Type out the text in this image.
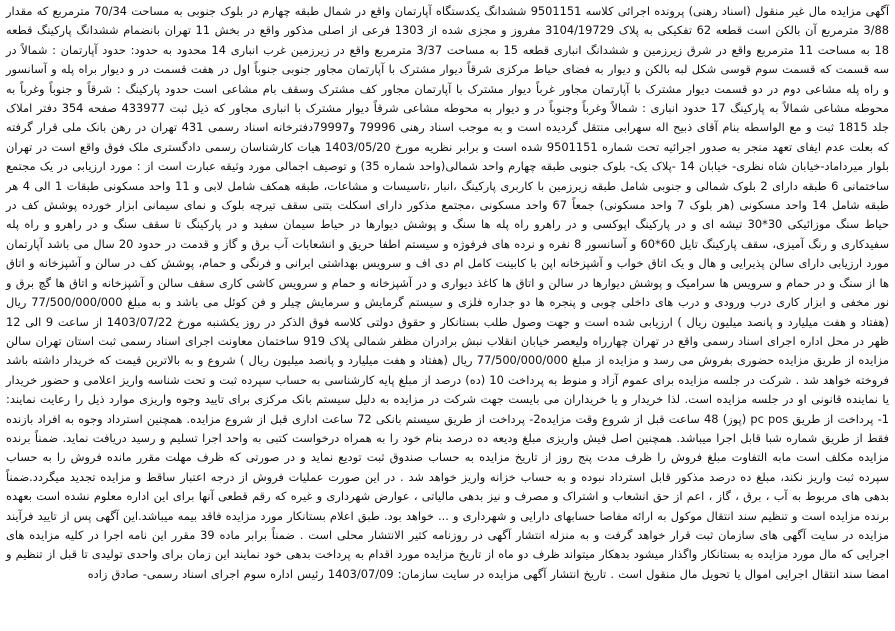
آگهی مزایده مال غیر منقول (اسناد رهنی) پرونده اجرائی کلاسه 9501151 ششدانگ یکدستگاه آپارتمان واقع در شمال طبقه چهارم در بلوک جنوبی به مساحت 70/34 مترمربع که مقدار 3/88 مترمربع آن بالکن است قطعه 62 تفکیکی به پلاک 3104/19729 مفروز و مجزی شده از 1303 فرعی از اصلی مذکور واقع در بخش 11 تهران بانضمام ششدانگ پارکینگ قطعه 18 به مساحت 11 مترمربع واقع در شرق زیرزمین و ششدانگ انباری قطعه 15 به مساحت 3/37 مترمربع واقع در زیرزمین غرب انباری 14 محدود به حدود: حدود آپارتمان : شمالاً در سه قسمت که قسمت سوم قوسی شکل لبه بالکن و دیوار به فضای حیاط مرکزی شرقاً دیوار مشترک با آپارتمان مجاور جنوبی جنوباً اول در هفت قسمت در و دیوار براه پله و آسانسور و راه پله مشاعی دوم در دو قسمت دیوار مشترک با آپارتمان مجاور غرباً دیوار مشترک با آپارتمان مجاور کف مشترک وسقف بام مشاعی است حدود پارکینگ : شرقاً و جنوباً وغرباً به محوطه مشاعی شمالاً به پارکینگ 17 حدود انباری : شمالاً وغرباً وجنوباً در و دیوار به محوطه مشاعی شرقاً دیوار مشترک با انباری مجاور که ذیل ثبت 433977 صفحه 354 دفتر املاک جلد 1815 ثبت و مع الواسطه بنام آقای ذبیح اله سهرابی منتقل گردیده است و به موجب اسناد رهنی 79996 و79997دفترخانه اسناد رسمی 431 تهران در رهن بانک ملی قرار گرفته که بعلت عدم ایفای تعهد منجر به صدور اجرائیه تحت شماره 9501151 شده است و برابر نظریه مورخ 1403/05/20 هیات کارشناسان رسمی دادگستری ملک فوق واقع است در تهران بلوار میرداماد-خیابان شاه نظری- خیابان 14 -پلاک یک- بلوک جنوبی طبقه چهارم واحد شمالی(واحد شماره 35) و توصیف اجمالی مورد وثیقه عبارت است از : مورد ارزیابی در یک مجتمع ساختمانی 6 طبقه دارای 2 بلوک شمالی و جنوبی شامل طبقه زیرزمین با کاربری پارکینگ ،انبار ،تاسیسات و مشاعات، طبقه همکف شامل لابی و 11 واحد مسکونی طبقات 1 الی 4 هر طبقه شامل 14 واحد مسکونی (هر بلوک 7 واحد مسکونی) جمعاً 67 واحد مسکونی ،مجتمع مذکور دارای اسکلت بتنی سقف تیرچه بلوک و نمای سیمانی ابزار خورده پوشش کف در حیاط سنگ موزائیکی 30*30 تیشه ای و در پارکینگ اپوکسی و در راهرو راه پله ها سنگ و پوشش دیوارها در حیاط سیمان سفید و در پارکینگ تا سقف سنگ و در راهرو و راه پله سفیدکاری و رنگ آمیزی، سقف پارکینگ تایل 60*60 و آسانسور 8 نفره و نرده های فرفوژه و سیستم اطفا حریق و انشعابات آب برق و گاز و قدمت در حدود 20 سال می باشد آپارتمان مورد ارزیابی دارای سالن پذیرایی و هال و یک اتاق خواب و آشپزخانه اپن با کابینت کامل ام دی اف و سرویس بهداشتی ایرانی و فرنگی و حمام، پوشش کف در سالن و آشپزخانه و اتاق ها از سنگ و در حمام و سرویس ها سرامیک و پوشش دیوارها در سالن و اتاق ها کاغذ دیواری و در آشپزخانه و حمام و سرویس کاشی کاری سقف سالن و آشپزخانه و اتاق ها گچ برق و نور مخفی و ابزار کاری درب ورودی و درب های داخلی چوبی و پنجره ها دو جداره فلزی و سیستم گرمایش و سرمایش چیلر و فن کوئل می باشد و به مبلغ 77/500/000/000 ریال (هفتاد و هفت میلیارد و پانصد میلیون ریال ) ارزیابی شده است و جهت وصول طلب بستانکار و حقوق دولتی کلاسه فوق الذکر در روز یکشنبه مورخ 1403/07/22 از ساعت 9 الی 12 ظهر در محل اداره اجرای اسناد رسمی واقع در تهران چهارراه ولیعصر خیابان انقلاب نبش برادران مظفر شمالی پلاک 919 ساختمان معاونت اجرای اسناد رسمی ثبت استان تهران سالن مزایده از طریق مزایده حضوری بفروش می رسد و مزایده از مبلغ 77/500/000/000 ریال (هفتاد و هفت میلیارد و پانصد میلیون ریال ) شروع و به بالاترین قیمت که خریدار داشته باشد فروخته خواهد شد . شرکت در جلسه مزایده برای عموم آزاد و منوط به پرداخت 10 (ده) درصد از مبلغ پایه کارشناسی به حساب سپرده ثبت و تحت شناسه واریز اعلامی و حضور خریدار یا نماینده قانونی او در جلسه مزایده است. لذا خریدار و یا خریداران می بایست جهت شرکت در مزایده به دلیل سیستم بانک مرکزی برای تایید وجوه واریزی موارد ذیل را رعایت نمایند: 1- پرداخت از طریق pc pos (پوز) 48 ساعت قبل از شروع وقت مزایده2- پرداخت از طریق سیستم بانکی 72 ساعت اداری قبل از شروع مزایده. همچنین استرداد وجوه به افراد بازنده فقط از طریق شماره شبا قابل اجرا میباشد. همچنین اصل فیش واریزی مبلغ ودیعه ده درصد بنام خود را به همراه درخواست کتبی به واحد اجرا تسلیم و رسید دریافت نماید. ضمناً برنده مزایده مکلف است مابه التفاوت مبلغ فروش را ظرف مدت پنج روز از تاریخ مزایده به حساب صندوق ثبت تودیع نماید و در صورتی که ظرف مهلت مقرر مانده فروش را به حساب سپرده ثبت واریز نکند، مبلغ ده درصد مذکور قابل استرداد نبوده و به حساب خزانه واریز خواهد شد . در این صورت عملیات فروش از درجه اعتبار ساقط و مزایده تجدید میگردد.ضمناً بدهی های مربوط به آب ، برق ، گاز ، اعم از حق انشعاب و اشتراک و مصرف و نیز بدهی مالیاتی ، عوارض شهرداری و غیره که رقم قطعی آنها برای این اداره معلوم نشده است بعهده برنده مزایده است و تنظیم سند انتقال موکول به ارائه مفاصا حسابهای دارایی و شهرداری و ... خواهد بود. طبق اعلام بستانکار مورد مزایده فاقد بیمه میباشد.این آگهی پس از تایید فرآیند مزایده در سایت آگهی های سازمان ثبت قرار خواهد گرفت و به منزله انتشار آگهی در روزنامه کثیر الانتشار محلی است . ضمناً برابر ماده 39 مقرر این نامه اجرا در کلیه مزایده های اجرایی که مال مورد مزایده به بستانکار واگذار میشود بدهکار میتواند ظرف دو ماه از تاریخ مزایده مورد اقدام به پرداخت بدهی خود نمایند این زمان برای واحدی تولیدی تا قبل از تنظیم و امضا سند انتقال اجرایی اموال یا تحویل مال منقول است . تاریخ انتشار آگهی مزایده در سایت سازمان: 1403/07/09 رئیس اداره سوم اجرای اسناد رسمی- صادق زاده
